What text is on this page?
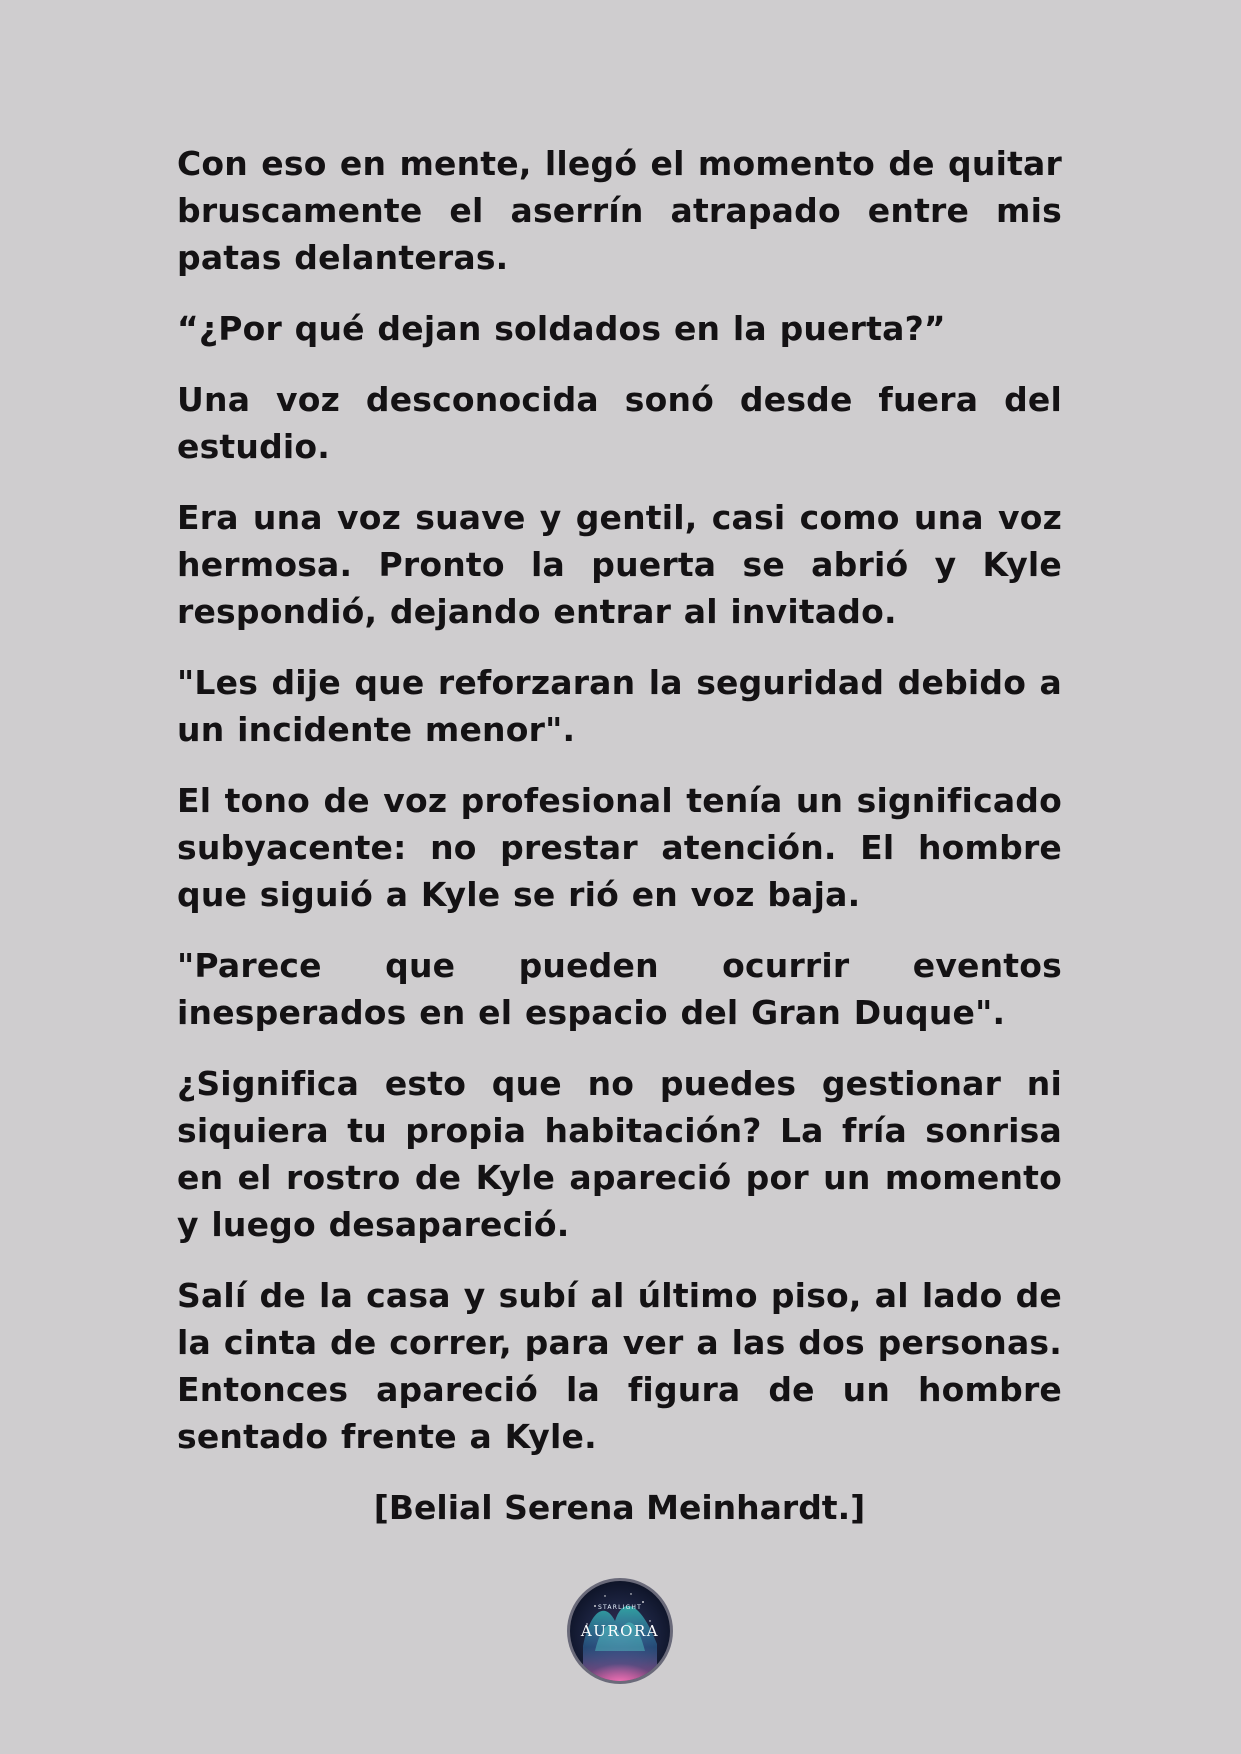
Con eso en mente, llegó el momento de quitar bruscamente el aserrín atrapado entre mis patas delanteras.

“¿Por qué dejan soldados en la puerta?”

Una voz desconocida sonó desde fuera del estudio.

Era una voz suave y gentil, casi como una voz hermosa. Pronto la puerta se abrió y Kyle respondió, dejando entrar al invitado.

"Les dije que reforzaran la seguridad debido a un incidente menor".

El tono de voz profesional tenía un significado subyacente: no prestar atención. El hombre que siguió a Kyle se rió en voz baja.

"Parece que pueden ocurrir eventos inesperados en el espacio del Gran Duque".

¿Significa esto que no puedes gestionar ni siquiera tu propia habitación? La fría sonrisa en el rostro de Kyle apareció por un momento y luego desapareció.

Salí de la casa y subí al último piso, al lado de la cinta de correr, para ver a las dos personas. Entonces apareció la figura de un hombre sentado frente a Kyle.

[Belial Serena Meinhardt.]
STARLIGHT
AURORA
